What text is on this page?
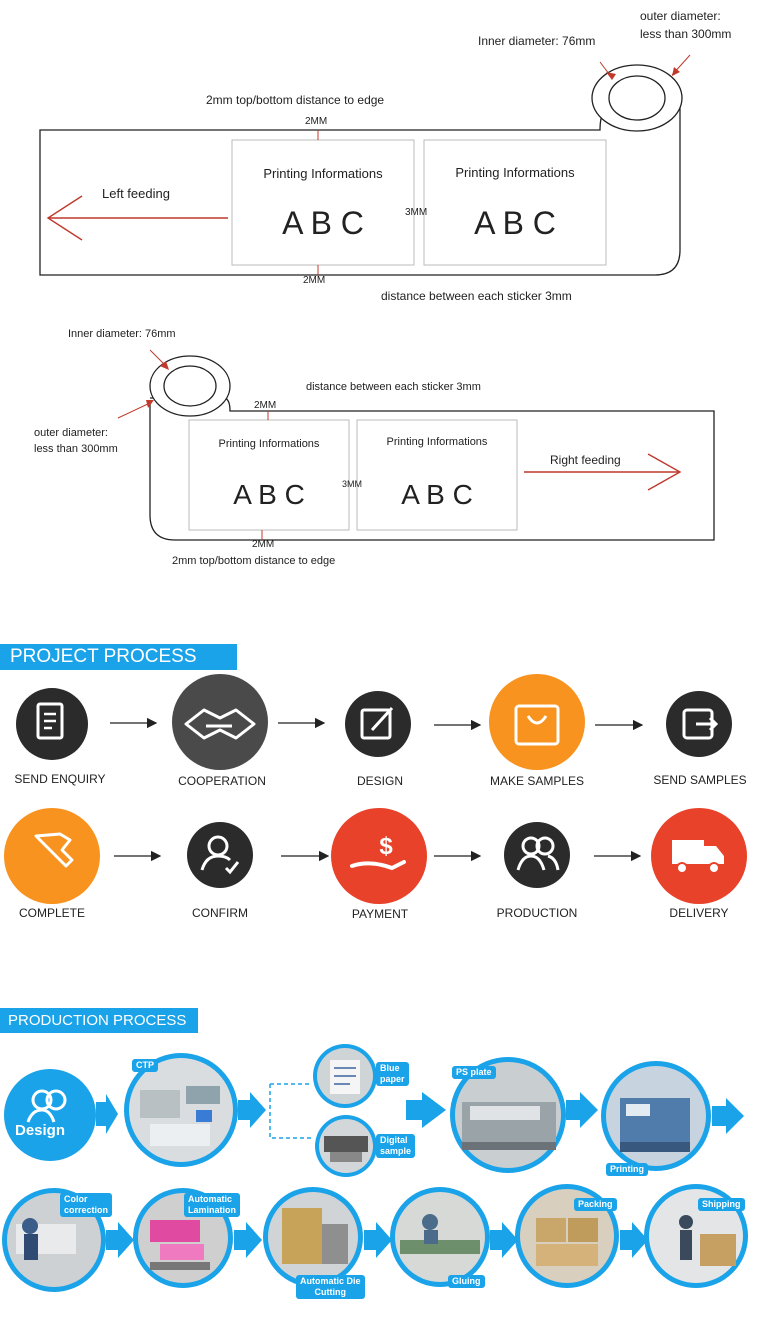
Inner diameter: 76mm
outer diameter:
less than 300mm
2mm top/bottom distance to edge
2MM
2MM
3MM
Left feeding
Printing Informations
A B C
Printing Informations
A B C
distance between each sticker 3mm
Inner diameter: 76mm
outer diameter:
less than 300mm
distance between each sticker 3mm
2MM
2MM
3MM
Right feeding
Printing Informations
A B C
Printing Informations
A B C
2mm top/bottom distance to edge
PROJECT PROCESS
$
SEND ENQUIRY	COOPERATION	DESIGN	MAKE SAMPLES	SEND SAMPLES
COMPLETE	CONFIRM	PAYMENT	PRODUCTION	DELIVERY
PRODUCTION PROCESS
Design
CTP	Blue
paper
Digital
sample
PS plate
Printing
Color
correction
Automatic
Lamination
Automatic Die
Cutting
Gluing
Packing	Shipping
